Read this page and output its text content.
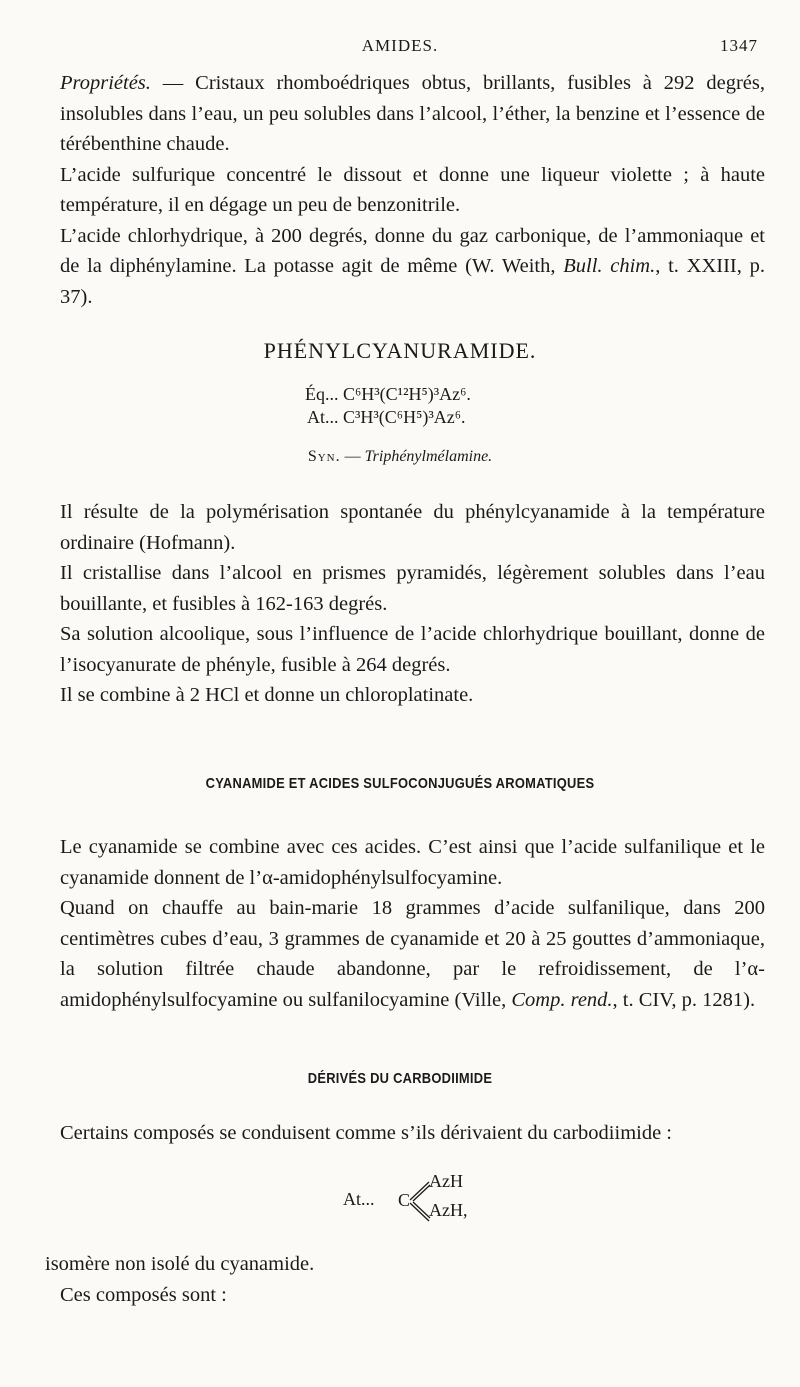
AMIDES.	1347

Propriétés. — Cristaux rhomboédriques obtus, brillants, fusibles à 292 degrés, insolubles dans l’eau, un peu solubles dans l’alcool, l’éther, la benzine et l’essence de térébenthine chaude.

L’acide sulfurique concentré le dissout et donne une liqueur violette ; à haute température, il en dégage un peu de benzonitrile.

L’acide chlorhydrique, à 200 degrés, donne du gaz carbonique, de l’ammoniaque et de la diphénylamine. La potasse agit de même (W. Weith, Bull. chim., t. XXIII, p. 37).

PHÉNYLCYANURAMIDE.
Éq... C⁶H³(C¹²H⁵)³Az⁶.
At... C³H³(C⁶H⁵)³Az⁶.
Syn. — Triphénylmélamine.

Il résulte de la polymérisation spontanée du phénylcyanamide à la température ordinaire (Hofmann).

Il cristallise dans l’alcool en prismes pyramidés, légèrement solubles dans l’eau bouillante, et fusibles à 162-163 degrés.

Sa solution alcoolique, sous l’influence de l’acide chlorhydrique bouillant, donne de l’isocyanurate de phényle, fusible à 264 degrés.

Il se combine à 2 HCl et donne un chloroplatinate.

CYANAMIDE ET ACIDES SULFOCONJUGUÉS AROMATIQUES

Le cyanamide se combine avec ces acides. C’est ainsi que l’acide sulfanilique et le cyanamide donnent de l’α-amidophénylsulfocyamine.

Quand on chauffe au bain-marie 18 grammes d’acide sulfanilique, dans 200 centimètres cubes d’eau, 3 grammes de cyanamide et 20 à 25 gouttes d’ammoniaque, la solution filtrée chaude abandonne, par le refroidissement, de l’α-amidophénylsulfocyamine ou sulfanilocyamine (Ville, Comp. rend., t. CIV, p. 1281).

DÉRIVÉS DU CARBODIIMIDE
Certains composés se conduisent comme s’ils dérivaient du carbodiimide :
At... C
AzH
AzH,

isomère non isolé du cyanamide.

Ces composés sont :
